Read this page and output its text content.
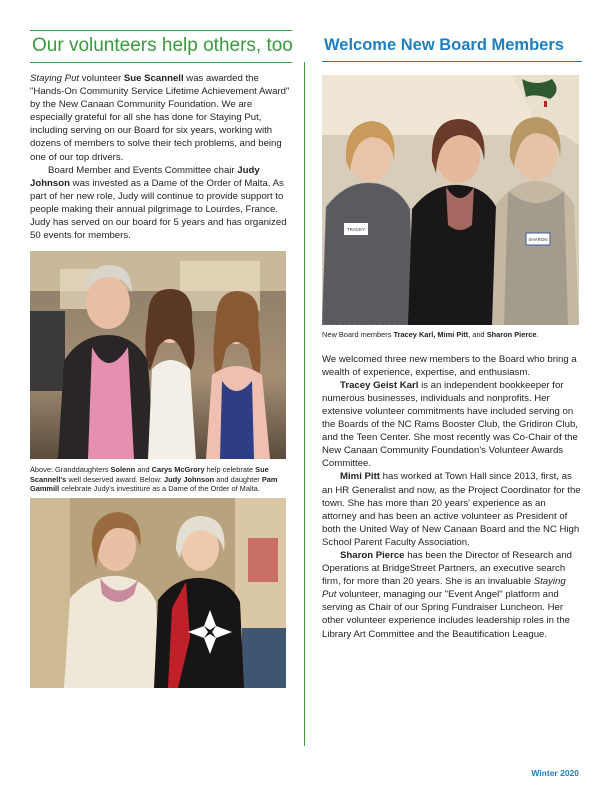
Our volunteers help others, too

Staying Put volunteer Sue Scannell was awarded the "Hands-On Community Service Lifetime Achievement Award" by the New Canaan Community Foundation. We are especially grateful for all she has done for Staying Put, including serving on our Board for six years, working with dozens of members to solve their tech problems, and being one of our top drivers.

Board Member and Events Committee chair Judy Johnson was invested as a Dame of the Order of Malta. As part of her new role, Judy will continue to provide support to people making their annual pilgrimage to Lourdes, France. Judy has served on our board for 5 years and has organized 50 events for members.

Above: Granddaughters Solenn and Carys McGrory help celebrate Sue Scannell's well deserved award. Below: Judy Johnson and daughter Pam Gammill celebrate Judy's investiture as a Dame of the Order of Malta.

Welcome New Board Members
TRACEY
SHARON

New Board members Tracey Karl, Mimi Pitt, and Sharon Pierce.

We welcomed three new members to the Board who bring a wealth of experience, expertise, and enthusiasm.

Tracey Geist Karl is an independent bookkeeper for numerous businesses, individuals and nonprofits. Her extensive volunteer commitments have included serving on the Boards of the NC Rams Booster Club, the Gridiron Club, and the Teen Center. She most recently was Co-Chair of the New Canaan Community Foundation's Volunteer Awards Committee.

Mimi Pitt has worked at Town Hall since 2013, first, as an HR Generalist and now, as the Project Coordinator for the town. She has more than 20 years' experience as an attorney and has been an active volunteer as President of both the United Way of New Canaan Board and the NC High School Parent Faculty Association.

Sharon Pierce has been the Director of Research and Operations at BridgeStreet Partners, an executive search firm, for more than 20 years. She is an invaluable Staying Put volunteer, managing our "Event Angel" platform and serving as Chair of our Spring Fundraiser Luncheon. Her other volunteer experience includes leadership roles in the Library Art Committee and the Beautification League.

Winter 2020
